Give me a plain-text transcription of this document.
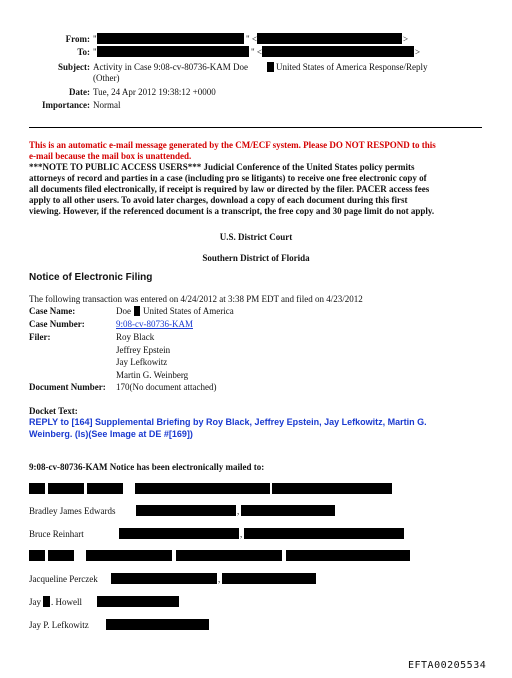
From: "	" <	>
To: "	" <	>
Subject: Activity in Case 9:08-cv-80736-KAM Doe	United States of America Response/Reply
(Other)
Date: Tue, 24 Apr 2012 19:38:12 +0000
Importance: Normal
This is an automatic e-mail message generated by the CM/ECF system. Please DO NOT RESPOND to this
e-mail because the mail box is unattended.
***NOTE TO PUBLIC ACCESS USERS*** Judicial Conference of the United States policy permits
attorneys of record and parties in a case (including pro se litigants) to receive one free electronic copy of
all documents filed electronically, if receipt is required by law or directed by the filer. PACER access fees
apply to all other users. To avoid later charges, download a copy of each document during this first
viewing. However, if the referenced document is a transcript, the free copy and 30 page limit do not apply.
U.S. District Court
Southern District of Florida
Notice of Electronic Filing
The following transaction was entered on 4/24/2012 at 3:38 PM EDT and filed on 4/23/2012
Case Name:	Doe United States of America
Case Number:	9:08-cv-80736-KAM
Filer:	Roy Black
Jeffrey Epstein
Jay Lefkowitz
Martin G. Weinberg
Document Number: 170(No document attached)
Docket Text:
REPLY to [164] Supplemental Briefing by Roy Black, Jeffrey Epstein, Jay Lefkowitz, Martin G.
Weinberg. (ls)(See Image at DE #[169])
9:08-cv-80736-KAM Notice has been electronically mailed to:
Bradley James Edwards	,
Bruce Reinhart	,
Jacqueline Perczek	,
Jay . Howell
Jay P. Lefkowitz
EFTA00205534
